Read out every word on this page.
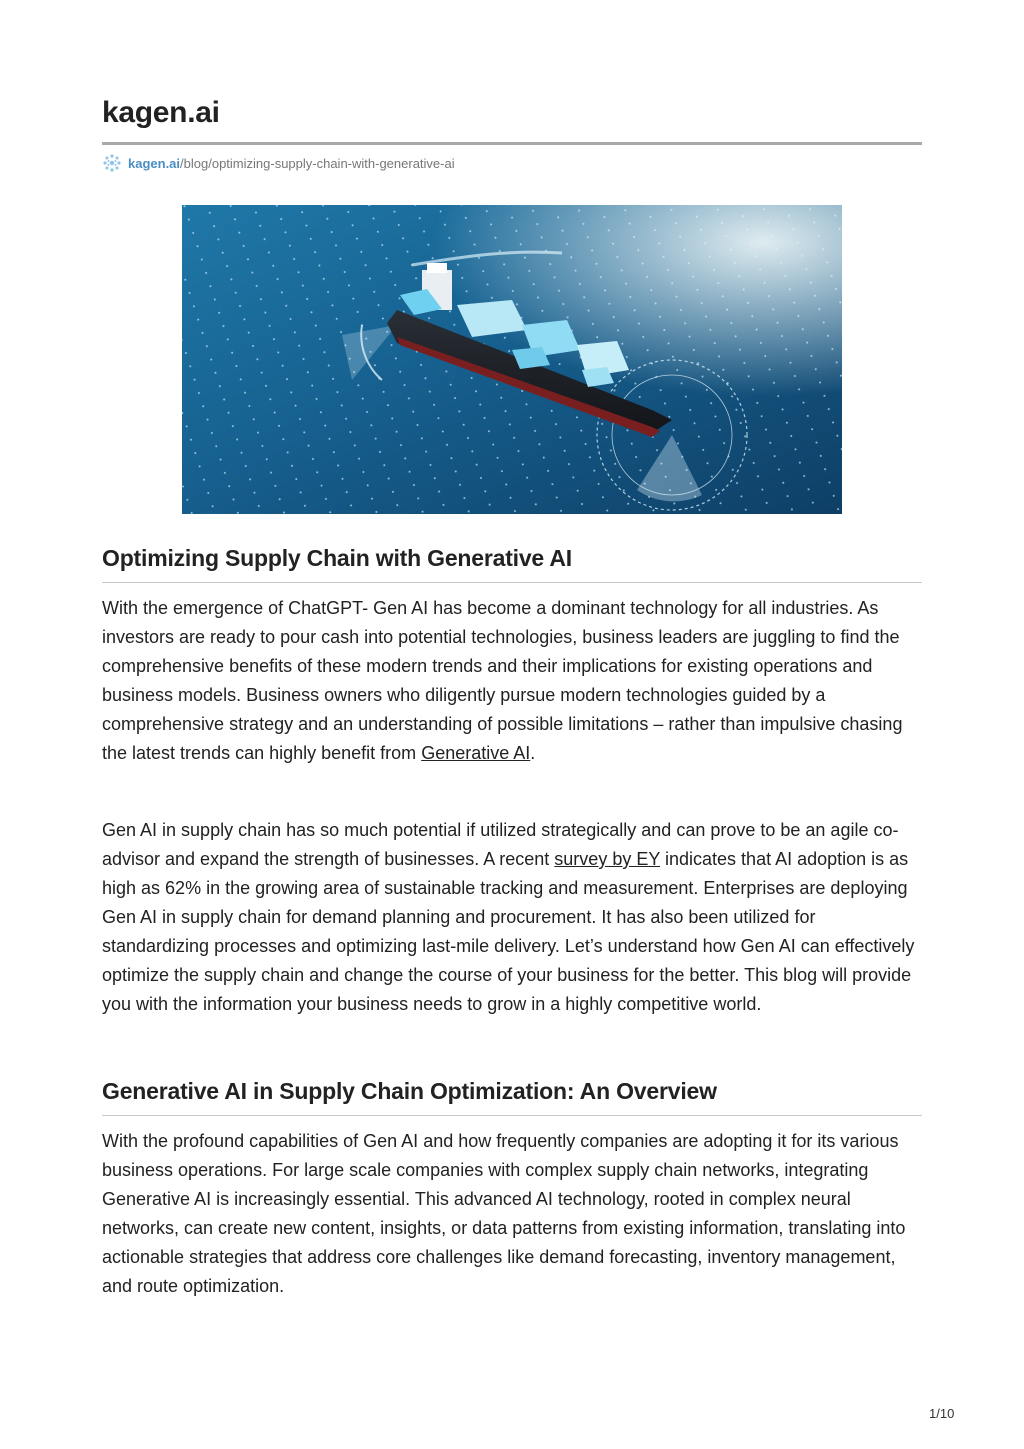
kagen.ai
kagen.ai /blog/optimizing-supply-chain-with-generative-ai
Optimizing Supply Chain with Generative AI

With the emergence of ChatGPT- Gen AI has become a dominant technology for all industries. As investors are ready to pour cash into potential technologies, business leaders are juggling to find the comprehensive benefits of these modern trends and their implications for existing operations and business models. Business owners who diligently pursue modern technologies guided by a comprehensive strategy and an understanding of possible limitations – rather than impulsive chasing the latest trends can highly benefit from Generative AI.

Gen AI in supply chain has so much potential if utilized strategically and can prove to be an agile co-advisor and expand the strength of businesses. A recent survey by EY indicates that AI adoption is as high as 62% in the growing area of sustainable tracking and measurement. Enterprises are deploying Gen AI in supply chain for demand planning and procurement. It has also been utilized for standardizing processes and optimizing last-mile delivery. Let’s understand how Gen AI can effectively optimize the supply chain and change the course of your business for the better. This blog will provide you with the information your business needs to grow in a highly competitive world.

Generative AI in Supply Chain Optimization: An Overview

With the profound capabilities of Gen AI and how frequently companies are adopting it for its various business operations. For large scale companies with complex supply chain networks, integrating Generative AI is increasingly essential. This advanced AI technology, rooted in complex neural networks, can create new content, insights, or data patterns from existing information, translating into actionable strategies that address core challenges like demand forecasting, inventory management, and route optimization.

1/10
